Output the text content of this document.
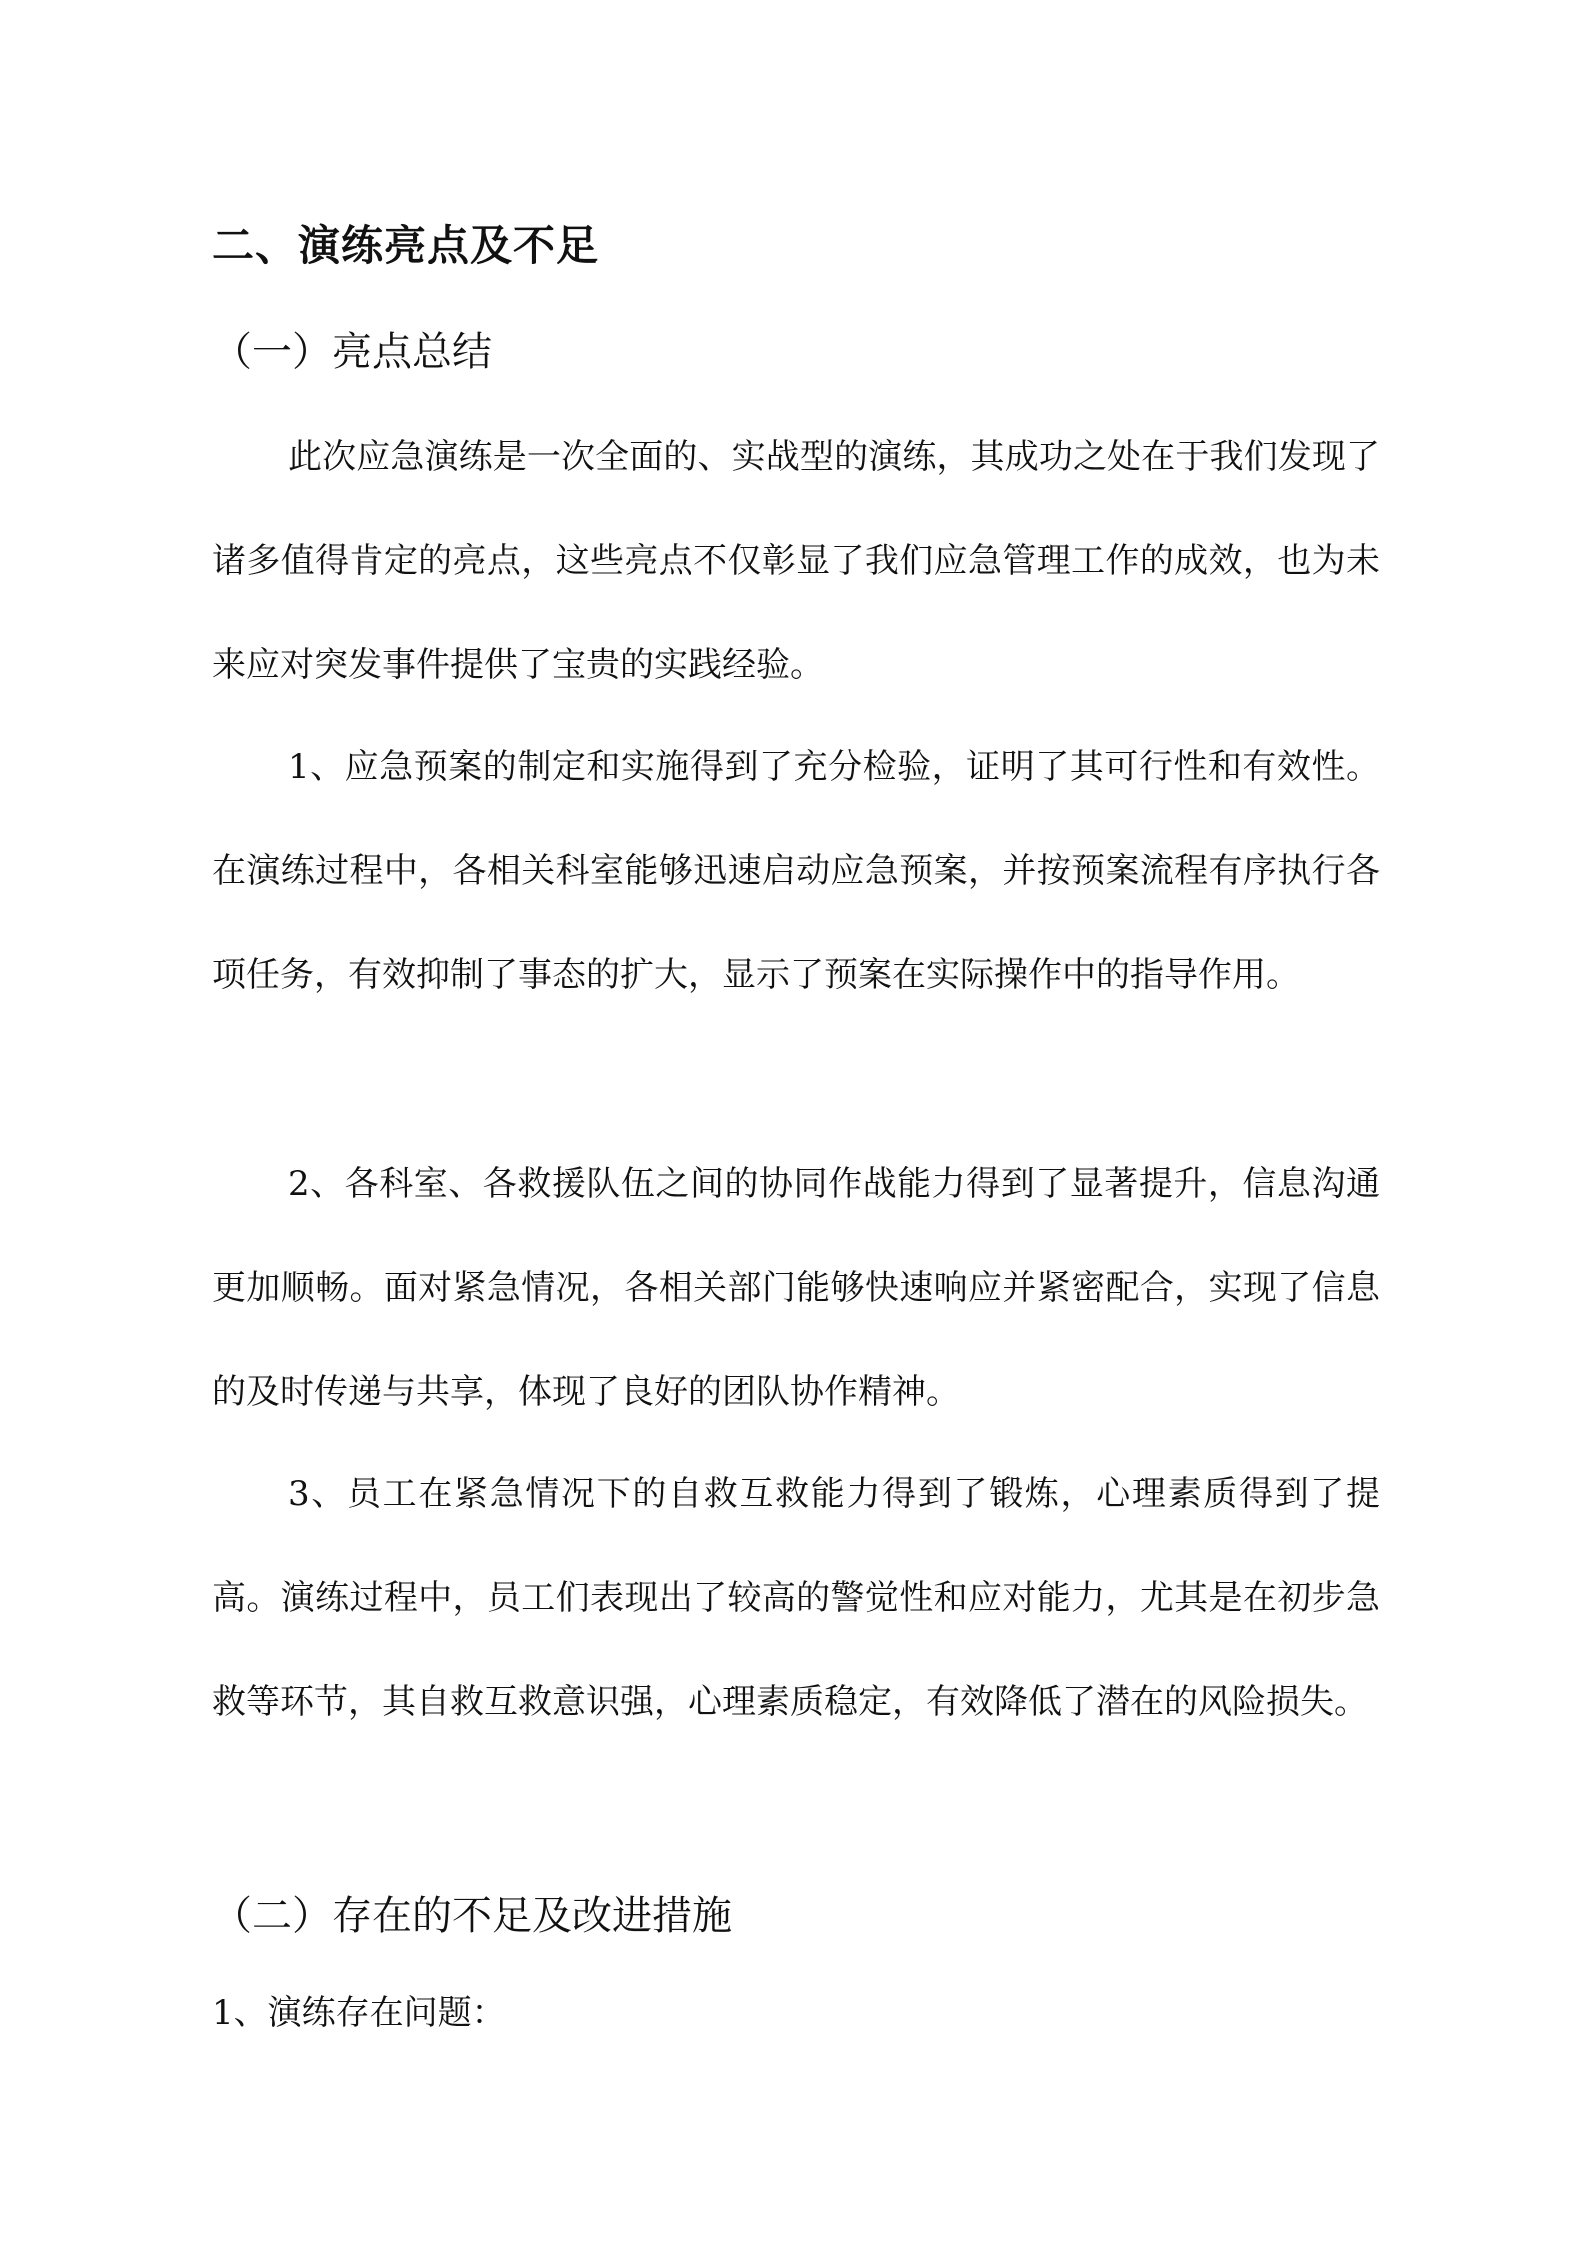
二、演练亮点及不足
（一）亮点总结

此次应急演练是一次全面的、实战型的演练，其成功之处在于我们发现了诸多值得肯定的亮点，这些亮点不仅彰显了我们应急管理工作的成效，也为未来应对突发事件提供了宝贵的实践经验。

1、应急预案的制定和实施得到了充分检验，证明了其可行性和有效性。在演练过程中，各相关科室能够迅速启动应急预案，并按预案流程有序执行各项任务，有效抑制了事态的扩大，显示了预案在实际操作中的指导作用。

2、各科室、各救援队伍之间的协同作战能力得到了显著提升，信息沟通更加顺畅。面对紧急情况，各相关部门能够快速响应并紧密配合，实现了信息的及时传递与共享，体现了良好的团队协作精神。

3、员工在紧急情况下的自救互救能力得到了锻炼，心理素质得到了提高。演练过程中，员工们表现出了较高的警觉性和应对能力，尤其是在初步急救等环节，其自救互救意识强，心理素质稳定，有效降低了潜在的风险损失。

（二）存在的不足及改进措施

1、演练存在问题：
